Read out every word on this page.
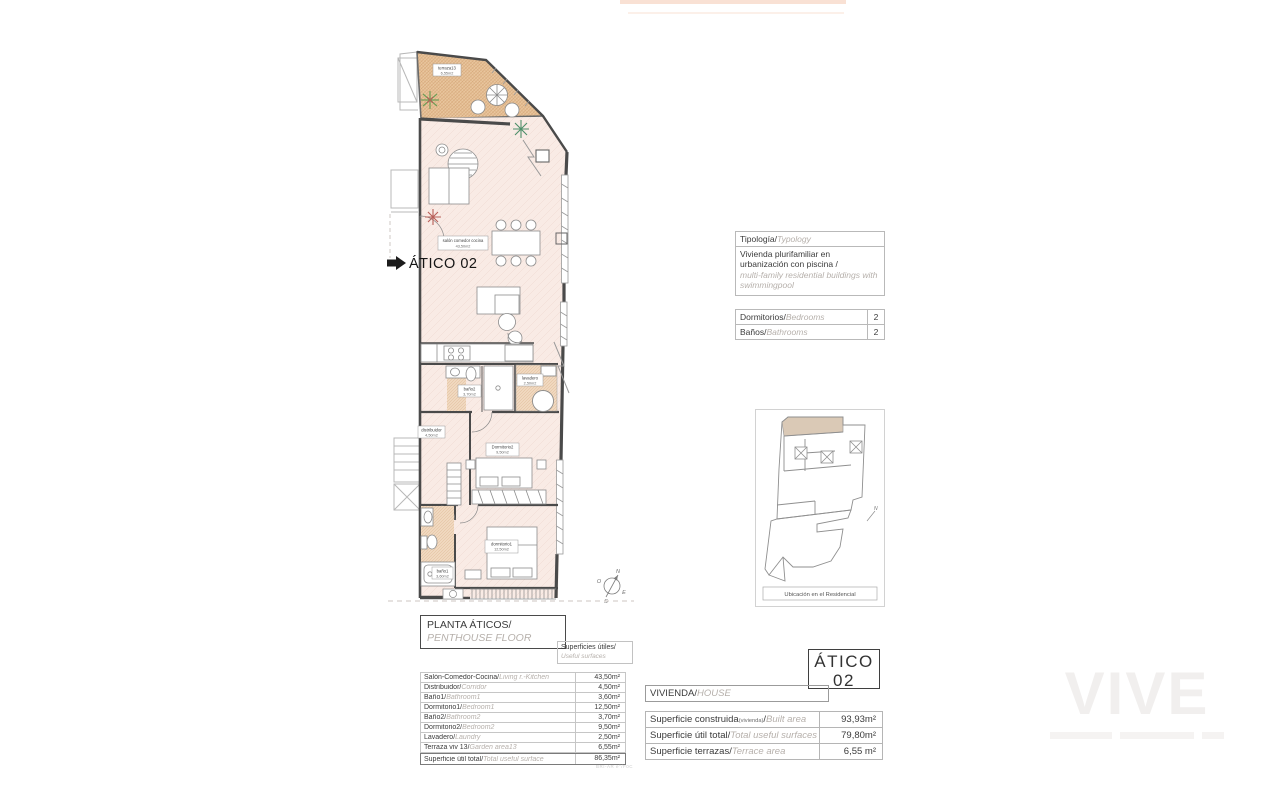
terraza13
6,55m2
salón comedor cocina
43,50m2
baño2
3,70m2
lavadero
2,50m2
distribuidor
4,50m2
Dormitorio2
9,50m2
dormitorio1
12,50m2
baño1
3,60m2
ÁTICO 02
N
O
E
S
Tipología/Typology
Vivienda plurifamiliar en urbanización con piscina /
multi-family residential buildings with swimmingpool
Dormitorios/Bedrooms	2
Baños/Bathrooms	2
N
Ubicación en el Residencial
PLANTA ÁTICOS/
PENTHOUSE FLOOR
Superficies útiles/
Useful surfaces
Salón-Comedor-Cocina/Living r.-Kitchen	43,50m²
Distribuidor/Corridor	4,50m²
Baño1/Bathroom1	3,60m²
Dormitorio1/Bedroom1	12,50m²
Baño2/Bathroom2	3,70m²
Dormitorio2/Bedroom2	9,50m²
Lavadero/Laundry	2,50m²
Terraza viv 13/Garden area13	6,55m²
Superficie útil total/Total useful surface	86,35m²
ÁTICO
02
VIVIENDA/HOUSE
Superficie construida(vivienda)/Built area	93,93m²
Superficie útil total/Total useful surfaces	79,80m²
Superficie terrazas/Terrace area	6,55 m²
BRI-AR e°/F0C
VIVE
